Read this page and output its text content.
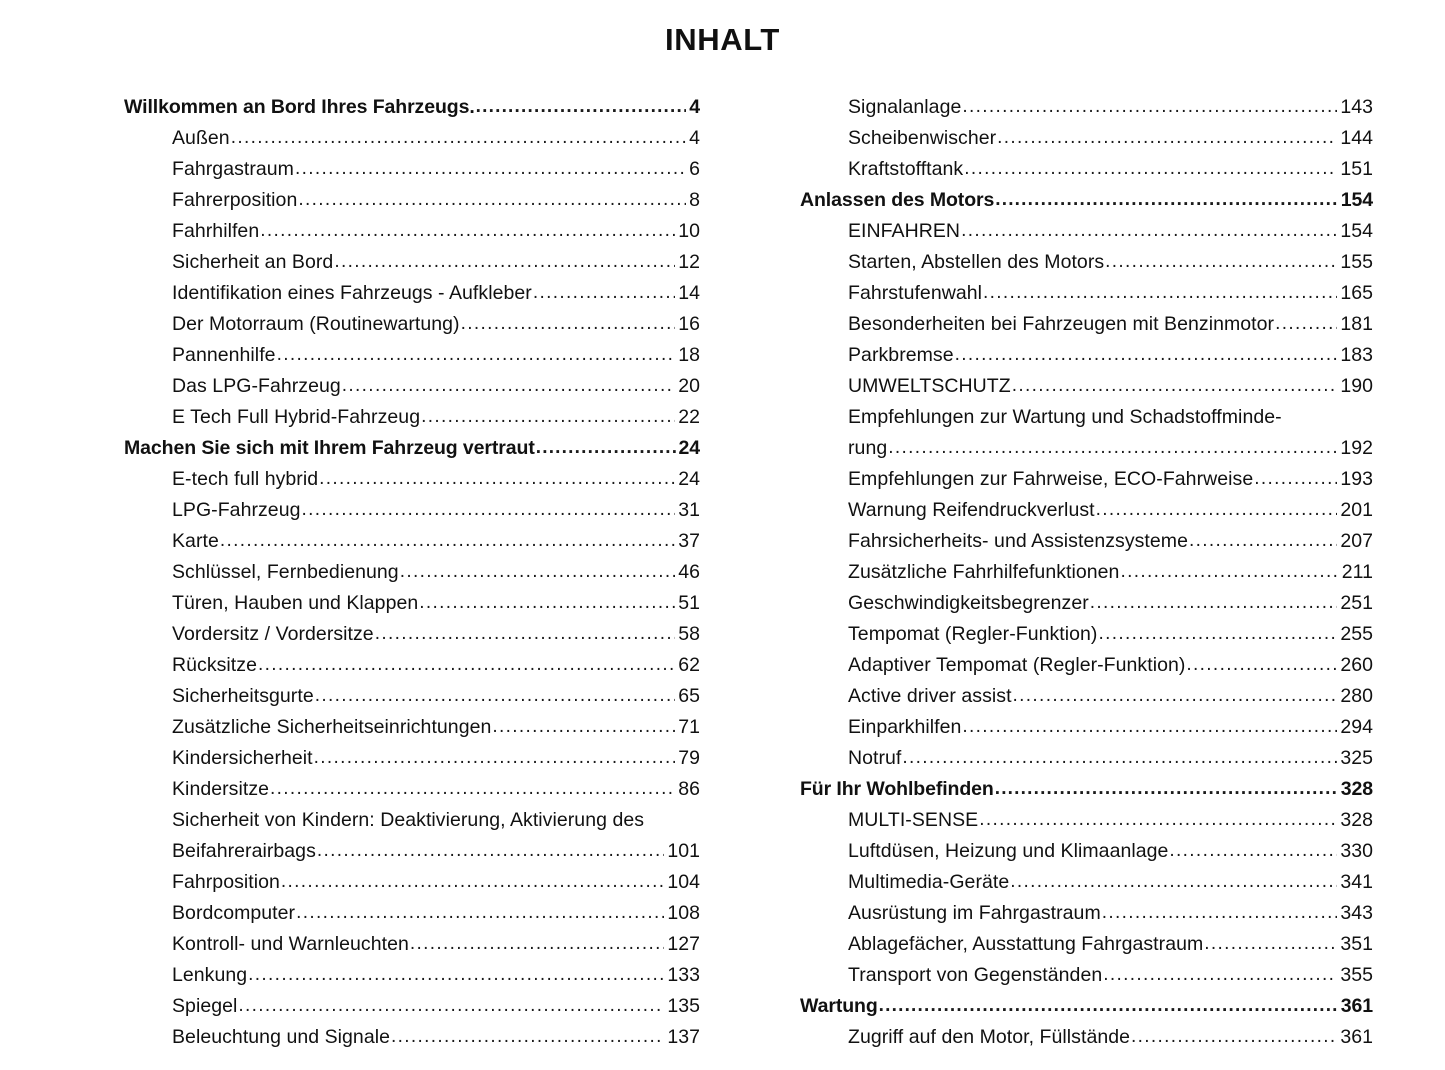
INHALT
Willkommen an Bord Ihres Fahrzeugs. .....	4
Außen .....	4
Fahrgastraum .....	6
Fahrerposition .....	8
Fahrhilfen .....	10
Sicherheit an Bord .....	12
Identifikation eines Fahrzeugs - Aufkleber .....	14
Der Motorraum (Routinewartung) .....	16
Pannenhilfe .....	18
Das LPG-Fahrzeug .....	20
E Tech Full Hybrid-Fahrzeug .....	22
Machen Sie sich mit Ihrem Fahrzeug vertraut .....	24
E-tech full hybrid .....	24
LPG-Fahrzeug .....	31
Karte .....	37
Schlüssel, Fernbedienung .....	46
Türen, Hauben und Klappen .....	51
Vordersitz / Vordersitze .....	58
Rücksitze .....	62
Sicherheitsgurte .....	65
Zusätzliche Sicherheitseinrichtungen .....	71
Kindersicherheit .....	79
Kindersitze .....	86
Sicherheit von Kindern: Deaktivierung, Aktivierung des
Beifahrerairbags .....	101
Fahrposition .....	104
Bordcomputer .....	108
Kontroll- und Warnleuchten .....	127
Lenkung .....	133
Spiegel .....	135
Beleuchtung und Signale .....	137
Signalanlage .....	143
Scheibenwischer .....	144
Kraftstofftank .....	151
Anlassen des Motors .....	154
EINFAHREN .....	154
Starten, Abstellen des Motors .....	155
Fahrstufenwahl .....	165
Besonderheiten bei Fahrzeugen mit Benzinmotor .....	181
Parkbremse .....	183
UMWELTSCHUTZ .....	190
Empfehlungen zur Wartung und Schadstoffminde-
rung .....	192
Empfehlungen zur Fahrweise, ECO-Fahrweise .....	193
Warnung Reifendruckverlust .....	201
Fahrsicherheits- und Assistenzsysteme .....	207
Zusätzliche Fahrhilfefunktionen .....	211
Geschwindigkeitsbegrenzer .....	251
Tempomat (Regler-Funktion) .....	255
Adaptiver Tempomat (Regler-Funktion) .....	260
Active driver assist .....	280
Einparkhilfen .....	294
Notruf .....	325
Für Ihr Wohlbefinden .....	328
MULTI-SENSE .....	328
Luftdüsen, Heizung und Klimaanlage .....	330
Multimedia-Geräte .....	341
Ausrüstung im Fahrgastraum .....	343
Ablagefächer, Ausstattung Fahrgastraum .....	351
Transport von Gegenständen .....	355
Wartung .....	361
Zugriff auf den Motor, Füllstände .....	361
